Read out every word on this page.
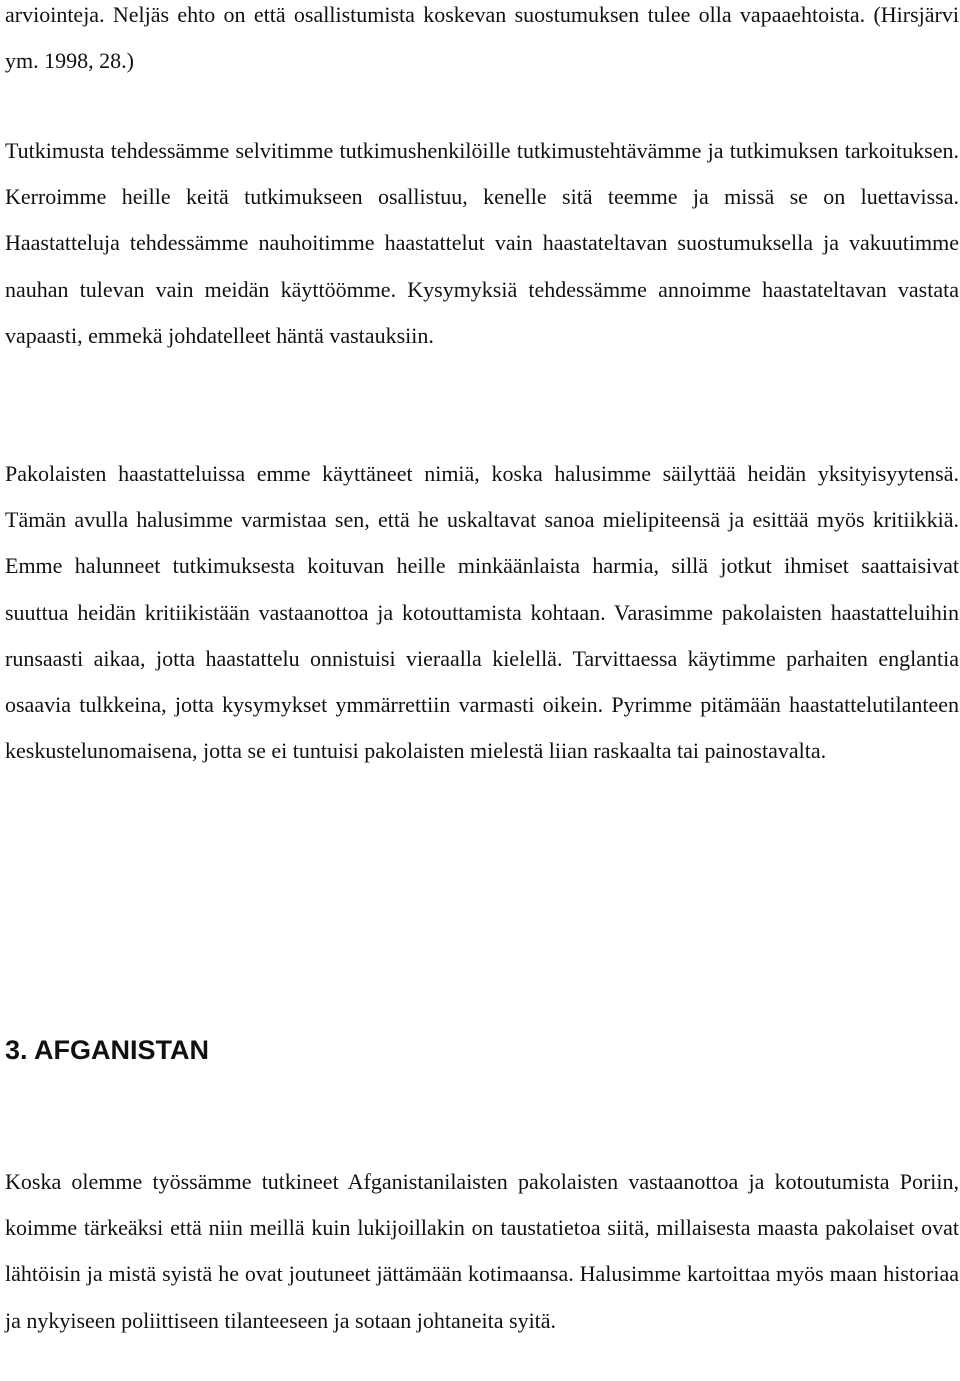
arviointeja. Neljäs ehto on että osallistumista koskevan suostumuksen tulee olla vapaaehtoista. (Hirsjärvi ym. 1998, 28.)

Tutkimusta tehdessämme selvitimme tutkimushenkilöille tutkimustehtävämme ja tutkimuksen tarkoituksen. Kerroimme heille keitä tutkimukseen osallistuu, kenelle sitä teemme ja missä se on luettavissa. Haastatteluja tehdessämme nauhoitimme haastattelut vain haastateltavan suostumuksella ja vakuutimme nauhan tulevan vain meidän käyttöömme. Kysymyksiä tehdessämme annoimme haastateltavan vastata vapaasti, emmekä johdatelleet häntä vastauksiin.

Pakolaisten haastatteluissa emme käyttäneet nimiä, koska halusimme säilyttää heidän yksityisyytensä. Tämän avulla halusimme varmistaa sen, että he uskaltavat sanoa mielipiteensä ja esittää myös kritiikkiä. Emme halunneet tutkimuksesta koituvan heille minkäänlaista harmia, sillä jotkut ihmiset saattaisivat suuttua heidän kritiikistään vastaanottoa ja kotouttamista kohtaan. Varasimme pakolaisten haastatteluihin runsaasti aikaa, jotta haastattelu onnistuisi vieraalla kielellä. Tarvittaessa käytimme parhaiten englantia osaavia tulkkeina, jotta kysymykset ymmärrettiin varmasti oikein. Pyrimme pitämään haastattelutilanteen keskustelunomaisena, jotta se ei tuntuisi pakolaisten mielestä liian raskaalta tai painostavalta.

3. AFGANISTAN

Koska olemme työssämme tutkineet Afganistanilaisten pakolaisten vastaanottoa ja kotoutumista Poriin, koimme tärkeäksi että niin meillä kuin lukijoillakin on taustatietoa siitä, millaisesta maasta pakolaiset ovat lähtöisin ja mistä syistä he ovat joutuneet jättämään kotimaansa. Halusimme kartoittaa myös maan historiaa ja nykyiseen poliittiseen tilanteeseen ja sotaan johtaneita syitä.
